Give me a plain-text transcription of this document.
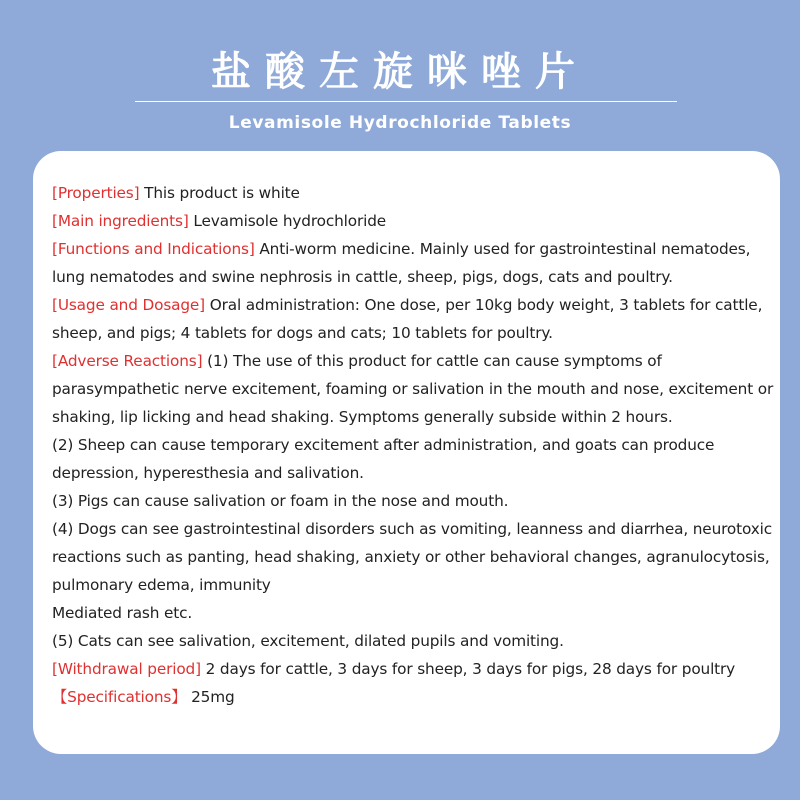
盐酸左旋咪唑片
Levamisole Hydrochloride Tablets

[Properties] This product is white

[Main ingredients] Levamisole hydrochloride

[Functions and Indications] Anti-worm medicine. Mainly used for gastrointestinal nematodes, lung nematodes and swine nephrosis in cattle, sheep, pigs, dogs, cats and poultry.

[Usage and Dosage] Oral administration: One dose, per 10kg body weight, 3 tablets for cattle, sheep, and pigs; 4 tablets for dogs and cats; 10 tablets for poultry.

[Adverse Reactions] (1) The use of this product for cattle can cause symptoms of parasympathetic nerve excitement, foaming or salivation in the mouth and nose, excitement or shaking, lip licking and head shaking. Symptoms generally subside within 2 hours.

(2) Sheep can cause temporary excitement after administration, and goats can produce depression, hyperesthesia and salivation.

(3) Pigs can cause salivation or foam in the nose and mouth.

(4) Dogs can see gastrointestinal disorders such as vomiting, leanness and diarrhea, neurotoxic reactions such as panting, head shaking, anxiety or other behavioral changes, agranulocytosis, pulmonary edema, immunity

Mediated rash etc.

(5) Cats can see salivation, excitement, dilated pupils and vomiting.

[Withdrawal period] 2 days for cattle, 3 days for sheep, 3 days for pigs, 28 days for poultry

【Specifications】 25mg
